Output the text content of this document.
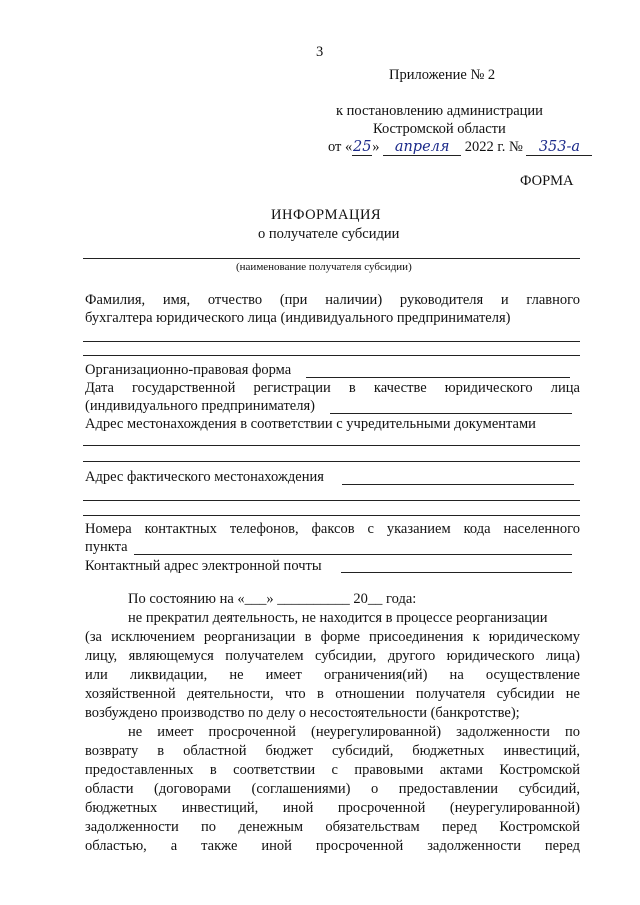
3
Приложение № 2
к постановлению администрации
Костромской области
от «25» апреля 2022 г. № 353-а
ФОРМА
ИНФОРМАЦИЯ
о получателе субсидии
(наименование получателя субсидии)
Фамилия, имя, отчество (при наличии) руководителя и главного
бухгалтера юридического лица (индивидуального предпринимателя)
Организационно-правовая форма
Дата государственной регистрации в качестве юридического лица
(индивидуального предпринимателя)
Адрес местонахождения в соответствии с учредительными документами
Адрес фактического местонахождения
Номера контактных телефонов, факсов с указанием кода населенного
пункта
Контактный адрес электронной почты
По состоянию на «___» __________ 20__ года:
не прекратил деятельность, не находится в процессе реорганизации
(за исключением реорганизации в форме присоединения к юридическому
лицу, являющемуся получателем субсидии, другого юридического лица)
или ликвидации, не имеет ограничения(ий) на осуществление
хозяйственной деятельности, что в отношении получателя субсидии не
возбуждено производство по делу о несостоятельности (банкротстве);
не имеет просроченной (неурегулированной) задолженности по
возврату в областной бюджет субсидий, бюджетных инвестиций,
предоставленных в соответствии с правовыми актами Костромской
области (договорами (соглашениями) о предоставлении субсидий,
бюджетных инвестиций, иной просроченной (неурегулированной)
задолженности по денежным обязательствам перед Костромской
областью, а также иной просроченной задолженности перед
